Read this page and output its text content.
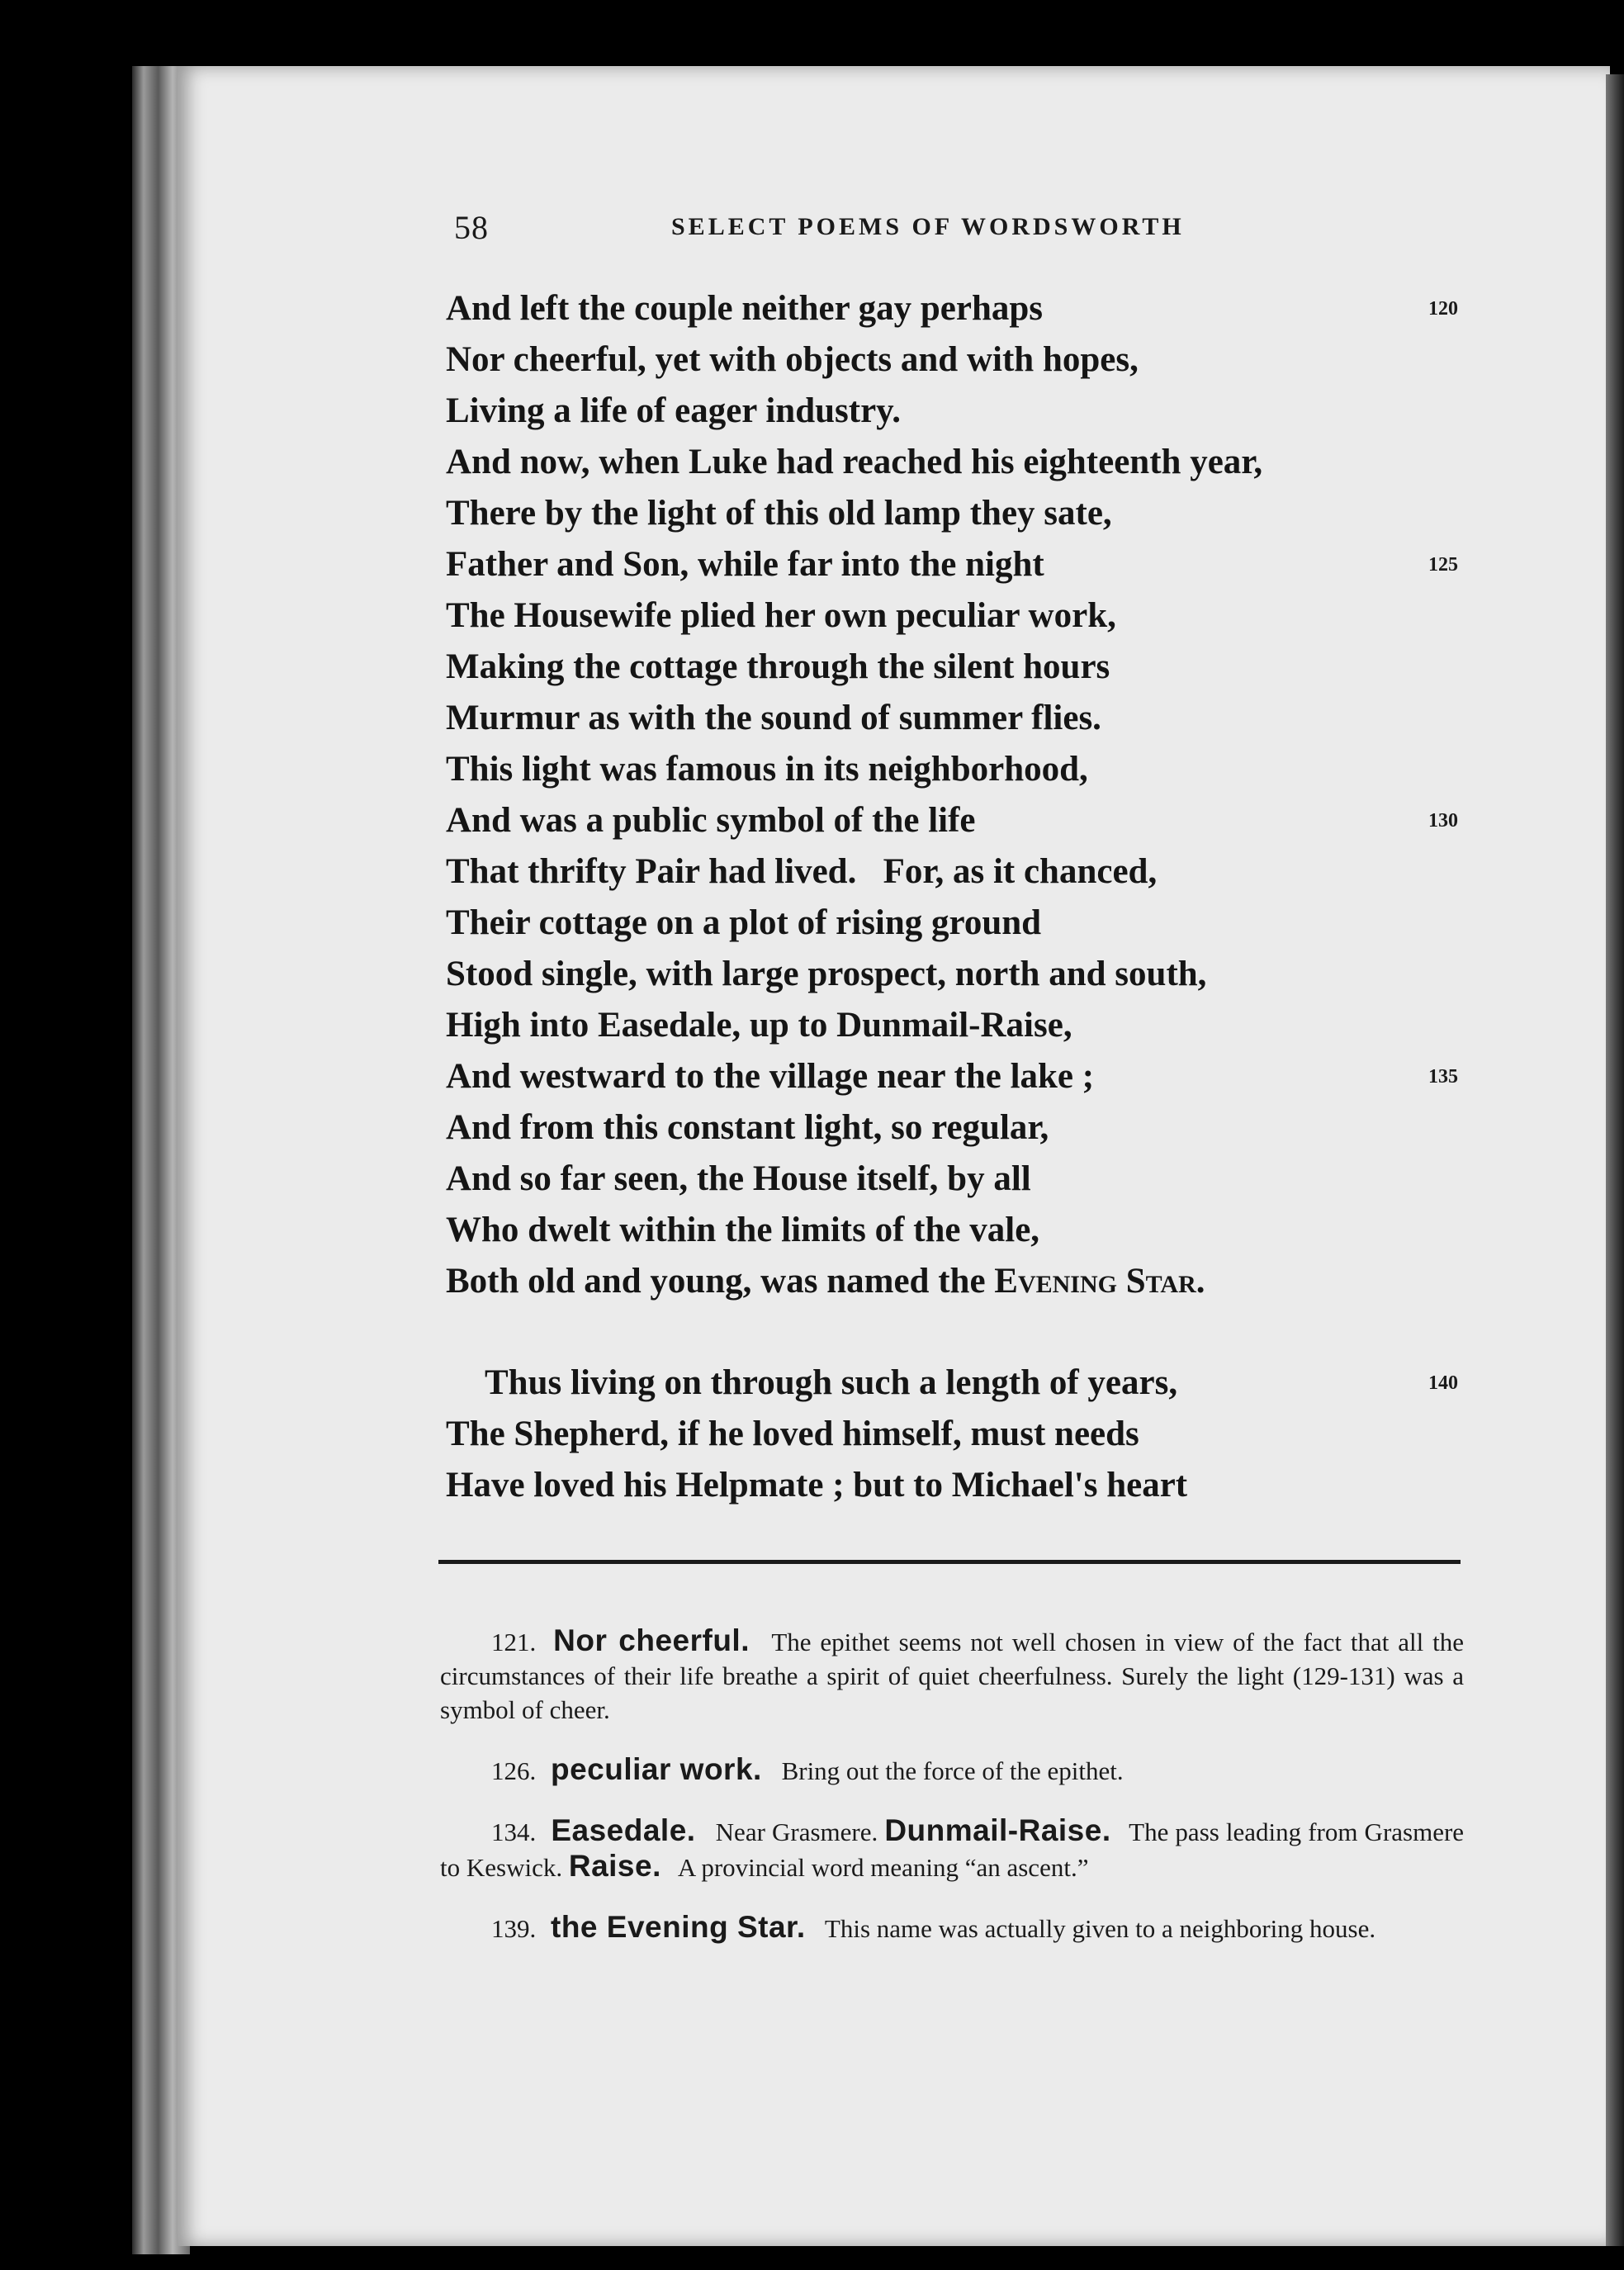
58	SELECT POEMS OF WORDSWORTH
And left the couple neither gay perhaps	120
Nor cheerful, yet with objects and with hopes,
Living a life of eager industry.
And now, when Luke had reached his eighteenth year,
There by the light of this old lamp they sate,
Father and Son, while far into the night	125
The Housewife plied her own peculiar work,
Making the cottage through the silent hours
Murmur as with the sound of summer flies.
This light was famous in its neighborhood,
And was a public symbol of the life	130
That thrifty Pair had lived.   For, as it chanced,
Their cottage on a plot of rising ground
Stood single, with large prospect, north and south,
High into Easedale, up to Dunmail-Raise,
And westward to the village near the lake ;	135
And from this constant light, so regular,
And so far seen, the House itself, by all
Who dwelt within the limits of the vale,
Both old and young, was named the Evening Star.
Thus living on through such a length of years,	140
The Shepherd, if he loved himself, must needs
Have loved his Helpmate ; but to Michael's heart

121. Nor cheerful. The epithet seems not well chosen in view of the fact that all the circumstances of their life breathe a spirit of quiet cheerfulness. Surely the light (129-131) was a symbol of cheer.

126. peculiar work. Bring out the force of the epithet.

134. Easedale. Near Grasmere. Dunmail-Raise. The pass leading from Grasmere to Keswick. Raise. A provincial word meaning “an ascent.”

139. the Evening Star. This name was actually given to a neighboring house.
